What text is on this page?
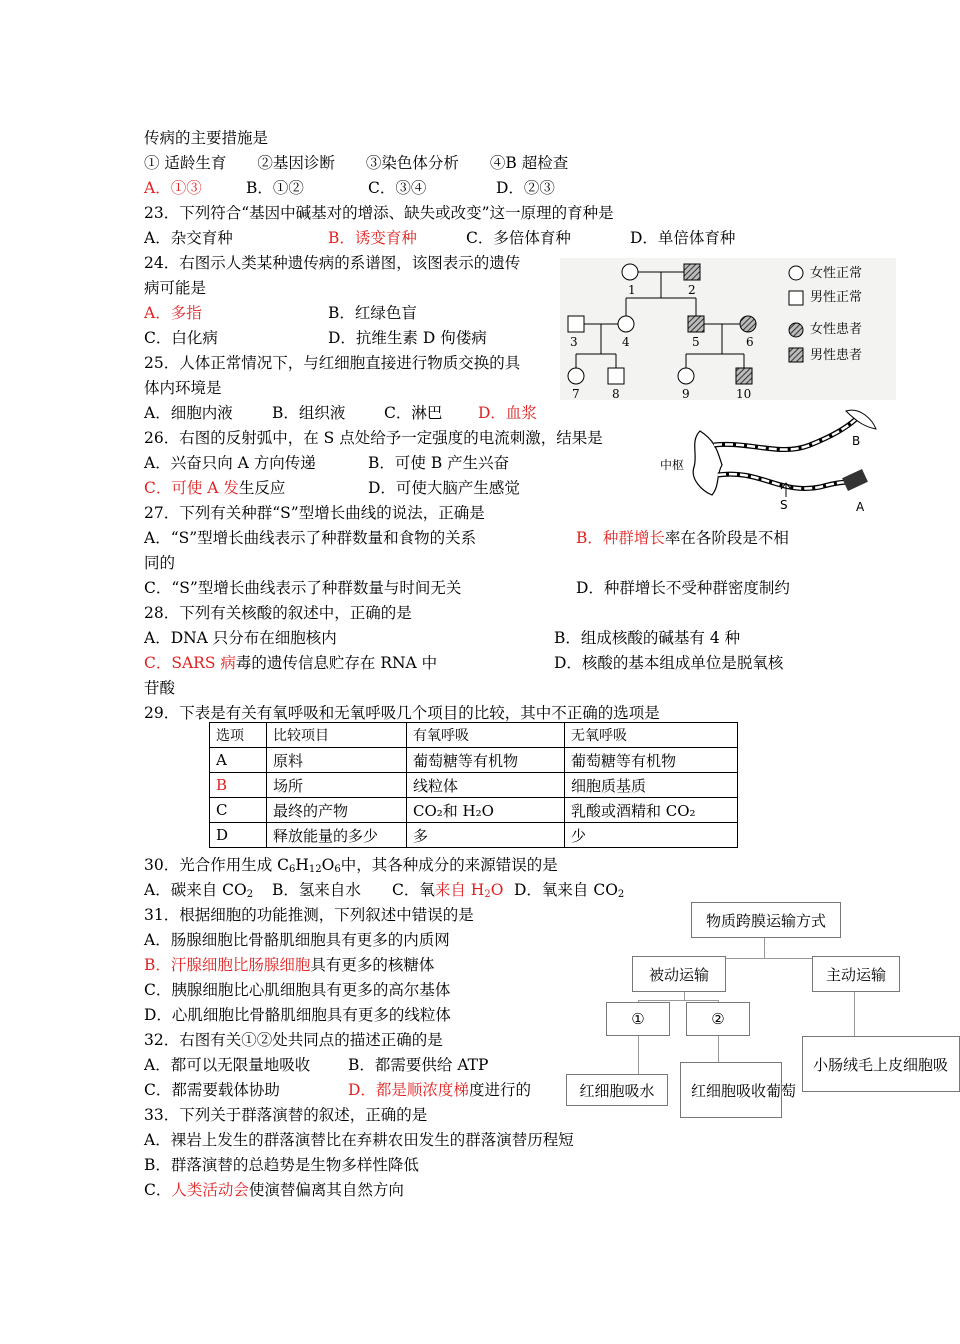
传病的主要措施是
① 适龄生育　　②基因诊断　　③染色体分析　　④B 超检查
A．①③	B．①②	C．③④	D．②③
23．下列符合“基因中碱基对的增添、缺失或改变”这一原理的育种是
A．杂交育种	B．诱变育种	C．多倍体育种	D．单倍体育种
24．右图示人类某种遗传病的系谱图，该图表示的遗传
病可能是
A．多指	B．红绿色盲
C．白化病	D．抗维生素 D 佝偻病
25．人体正常情况下，与红细胞直接进行物质交换的具
体内环境是
A．细胞内液	B．组织液 C．淋巴 D．血浆
26．右图的反射弧中，在 S 点处给予一定强度的电流刺激，结果是
A．兴奋只向 A 方向传递	B．可使 B 产生兴奋
C．可使 A 发生反应	D．可使大脑产生感觉
27．下列有关种群“S”型增长曲线的说法，正确是
A．“S”型增长曲线表示了种群数量和食物的关系	B．种群增长率在各阶段是不相
同的
C．“S”型增长曲线表示了种群数量与时间无关	D．种群增长不受种群密度制约
28．下列有关核酸的叙述中，正确的是
A．DNA 只分布在细胞核内	B．组成核酸的碱基有 4 种
C．SARS 病毒的遗传信息贮存在 RNA 中	D．核酸的基本组成单位是脱氧核
苷酸
29．下表是有关有氧呼吸和无氧呼吸几个项目的比较，其中不正确的选项是
选项	比较项目	有氧呼吸	无氧呼吸
A	原料	葡萄糖等有机物	葡萄糖等有机物
B	场所	线粒体	细胞质基质
C	最终的产物	CO₂和 H₂O	乳酸或酒精和 CO₂
D	释放能量的多少	多	少
30．光合作用生成 $C_6H_{12}O_6$中，其各种成分的来源错误的是
A．碳来自 $CO_2$ B．氢来自水 C．氧来自 $H_2O$ D．氧来自 $CO_2$
31．根据细胞的功能推测，下列叙述中错误的是
A．肠腺细胞比骨骼肌细胞具有更多的内质网
B．汗腺细胞比肠腺细胞具有更多的核糖体
C．胰腺细胞比心肌细胞具有更多的高尔基体
D．心肌细胞比骨骼肌细胞具有更多的线粒体
32．右图有关①②处共同点的描述正确的是
A．都可以无限量地吸收 B．都需要供给 ATP
C．都需要载体协助	D．都是顺浓度梯度进行的
33．下列关于群落演替的叙述，正确的是
A．裸岩上发生的群落演替比在弃耕农田发生的群落演替历程短
B．群落演替的总趋势是生物多样性降低
C．人类活动会使演替偏离其自然方向
1	2
3	4	5	6
7	8	9	10
女性正常
男性正常
女性患者
男性患者
中枢
B
S	A
物质跨膜运输方式
被动运输	主动运输
①	②
红细胞吸水	红细胞吸收葡萄
小肠绒毛上皮细胞吸
